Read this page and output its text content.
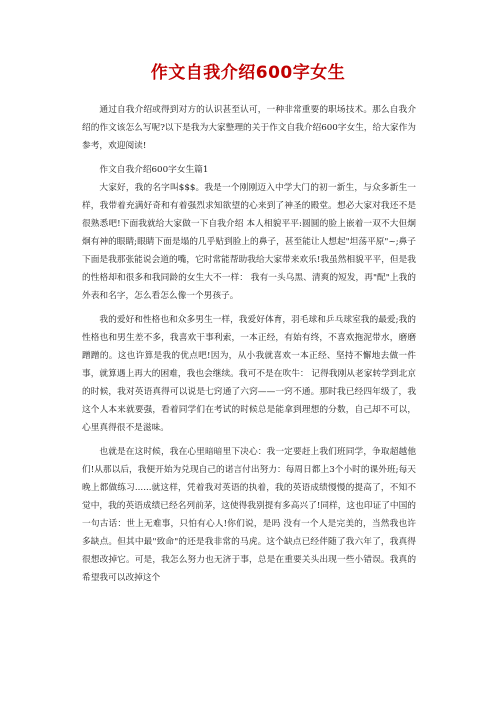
作文自我介绍600字女生

通过自我介绍或得到对方的认识甚至认可，一种非常重要的职场技术。那么自我介绍的作文该怎么写呢?以下是我为大家整理的关于作文自我介绍600字女生，给大家作为参考，欢迎阅读!

作文自我介绍600字女生篇1

大家好，我的名字叫$$$。我是一个刚刚迈入中学大门的初一新生，与众多新生一样，我带着充满好奇和有着强烈求知欲望的心来到了神圣的殿堂。想必大家对我还不是很熟悉吧!下面我就给大家做一下自我介绍 本人相貌平平:圆圆的脸上嵌着一双不大但炯炯有神的眼睛;眼睛下面是塌的几乎贴到脸上的鼻子，甚至能让人想起"坦荡平原"~;鼻子下面是我那张能说会道的嘴，它时常能帮助我给大家带来欢乐!我虽然相貌平平，但是我的性格却和很多和我同龄的女生大不一样： 我有一头乌黑、清爽的短发，再"配"上我的外表和名字，怎么看怎么像一个男孩子。

我的爱好和性格也和众多男生一样，我爱好体育，羽毛球和乒乓球室我的最爱;我的性格也和男生差不多，我喜欢干事利索，一本正经，有始有终，不喜欢拖泥带水，磨磨蹭蹭的。这也许算是我的优点吧!因为，从小我就喜欢一本正经、坚持不懈地去做一件事，就算遇上再大的困难，我也会继续。我可不是在吹牛： 记得我刚从老家转学到北京的时候，我对英语真得可以说是七窍通了六窍——一窍不通。那时我已经四年级了，我这个人本来就要强，看着同学们在考试的时候总是能拿到理想的分数，自己却不可以，心里真得很不是滋味。

也就是在这时候，我在心里暗暗里下决心：我一定要赶上我们班同学，争取超越他们!从那以后，我便开始为兑现自己的诺言付出努力：每周日都上3个小时的课外班;每天晚上都做练习......就这样，凭着我对英语的执着，我的英语成绩慢慢的提高了，不知不觉中，我的英语成绩已经名列前茅，这使得我别提有多高兴了!同样，这也印证了中国的一句古话：世上无难事，只怕有心人!你们说，是吗 没有一个人是完美的，当然我也许多缺点。但其中最"致命"的还是我非常的马虎。这个缺点已经伴随了我六年了，我真得很想改掉它。可是，我怎么努力也无济于事，总是在重要关头出现一些小错误。我真的希望我可以改掉这个
